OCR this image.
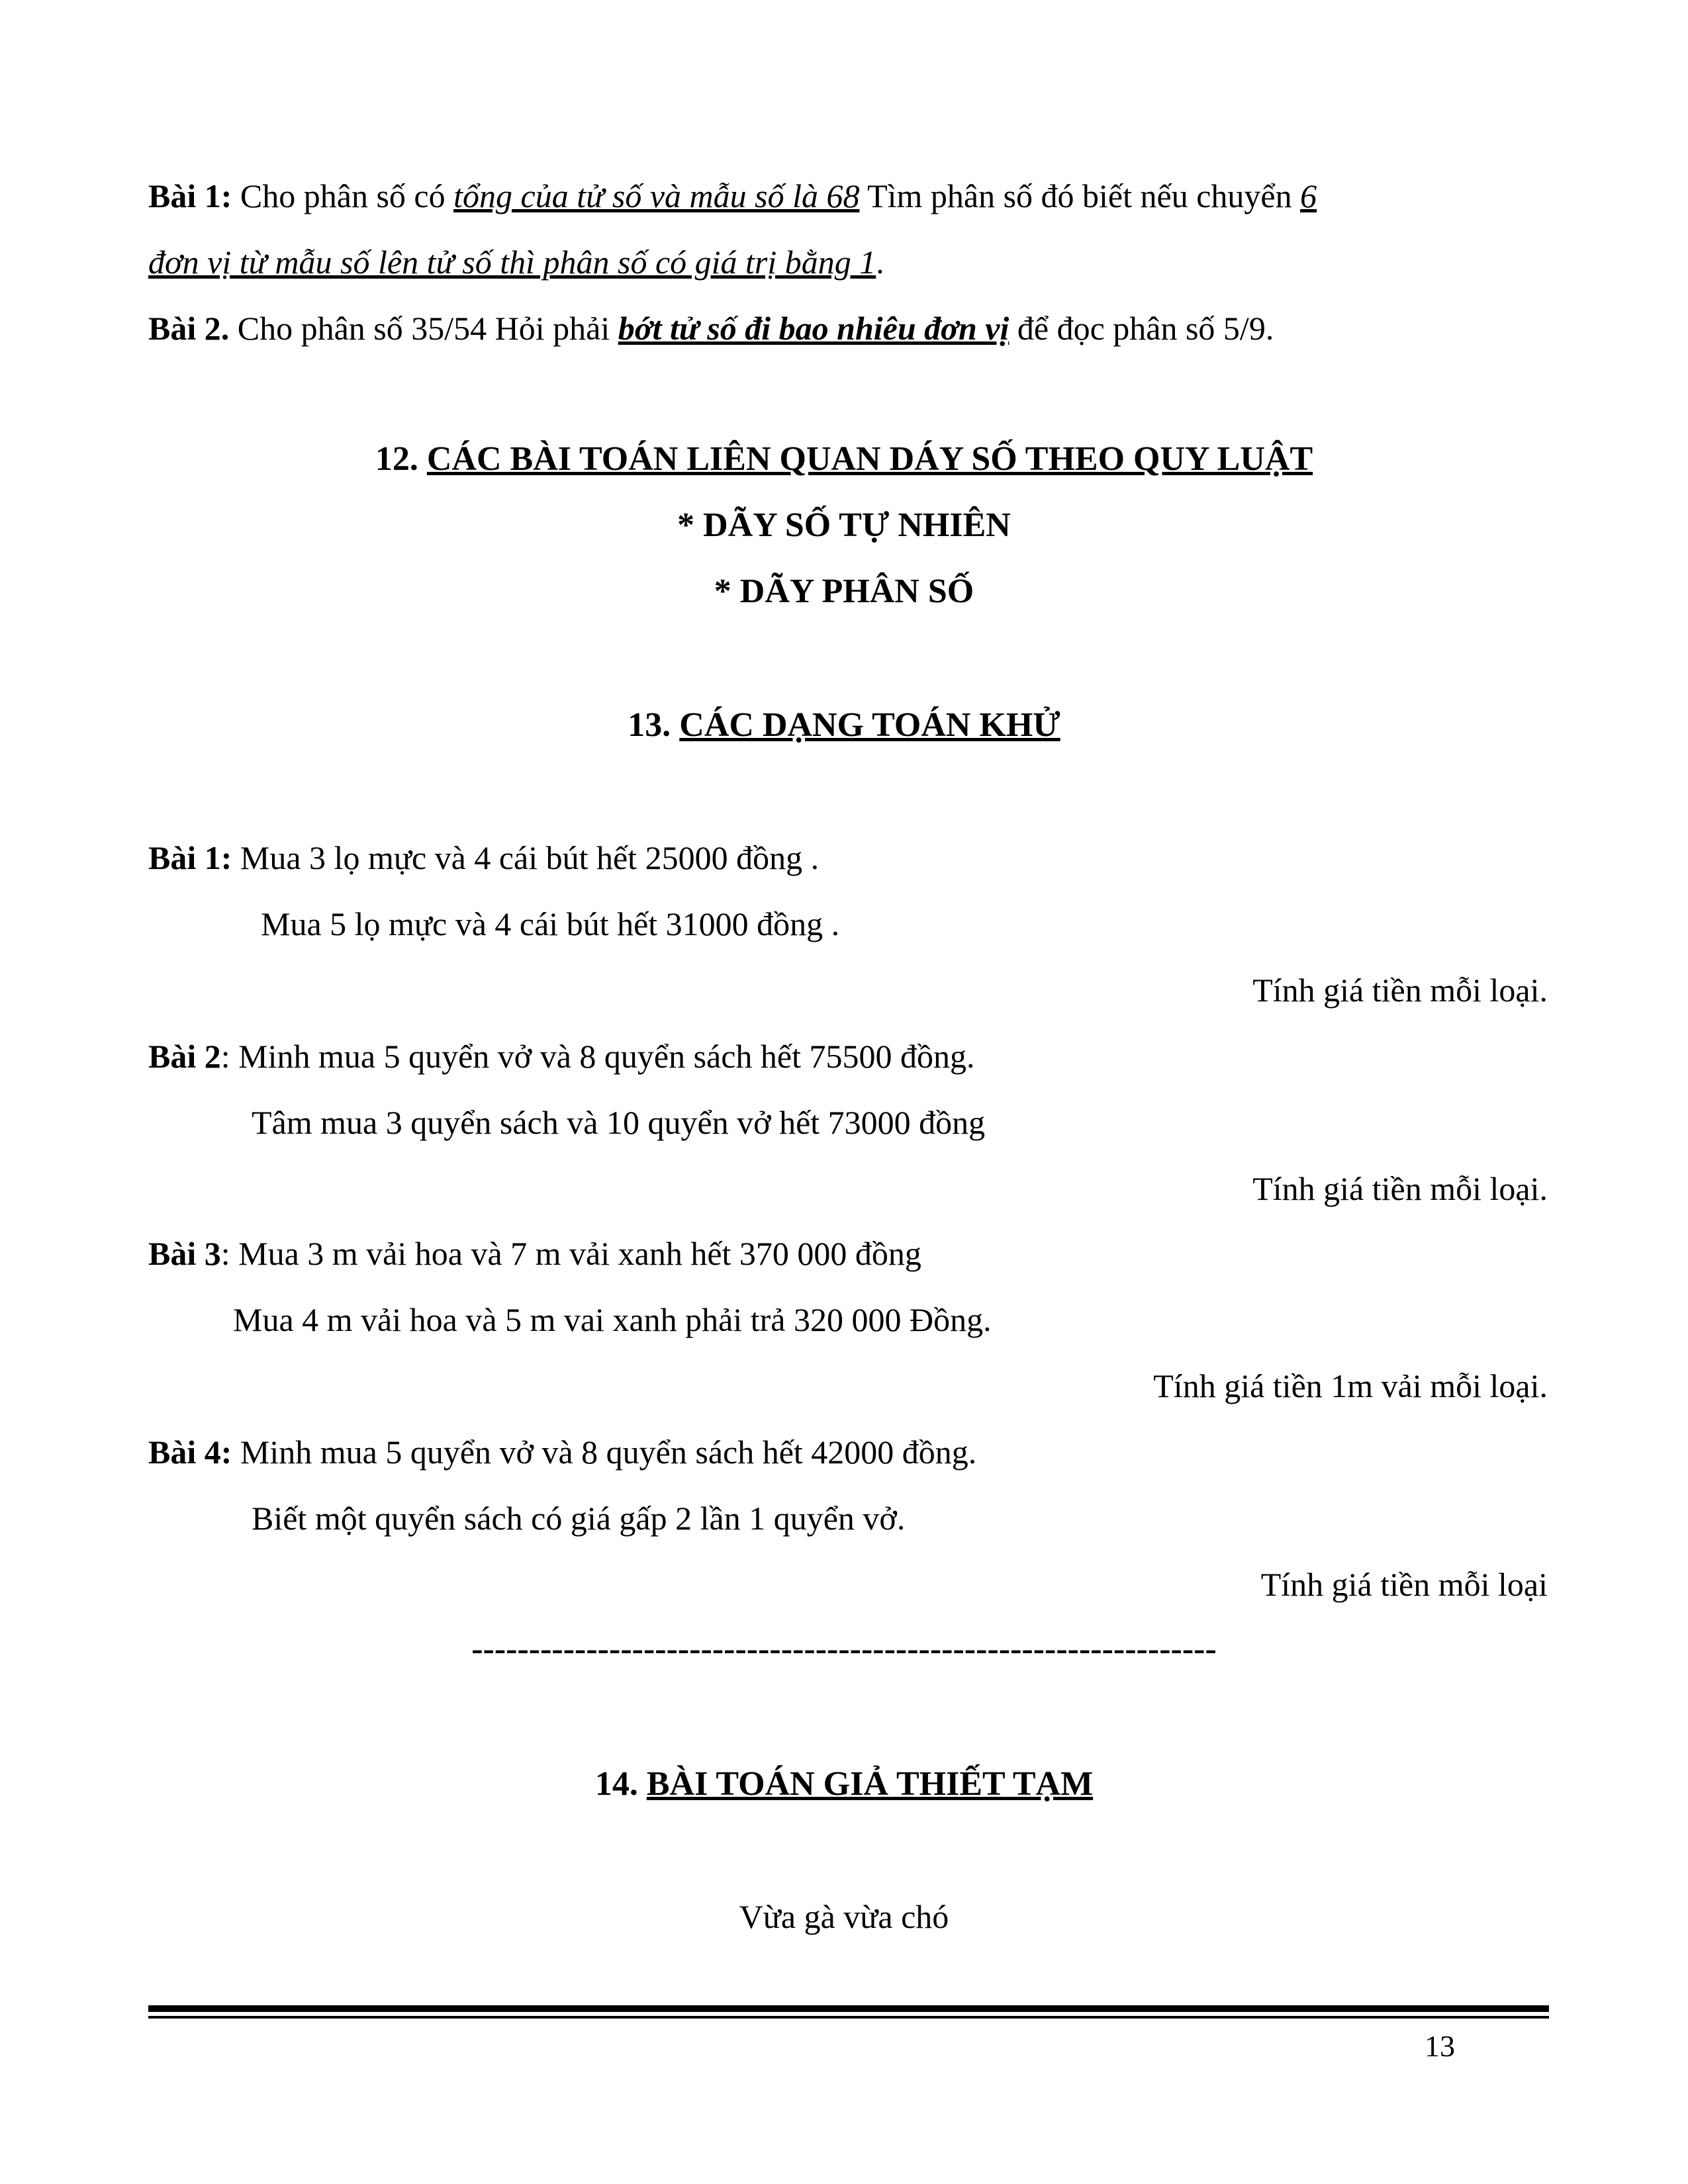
Bài 1: Cho phân số có tổng của tử số và mẫu số là 68 Tìm phân số đó biết nếu chuyển 6
đơn vị từ mẫu số lên tử số thì phân số có giá trị bằng 1.
Bài 2. Cho phân số 35/54 Hỏi phải bớt tử số đi bao nhiêu đơn vị để đọc phân số 5/9.
12. CÁC BÀI TOÁN LIÊN QUAN DÁY SỐ THEO QUY LUẬT
* DÃY SỐ TỰ NHIÊN
* DÃY PHÂN SỐ
13. CÁC DẠNG TOÁN KHỬ
Bài 1: Mua 3 lọ mực và 4 cái bút hết 25000 đồng .
Mua 5 lọ mực và 4 cái bút hết 31000 đồng .
Tính giá tiền mỗi loại.
Bài 2: Minh mua 5 quyển vở và 8 quyển sách hết 75500 đồng.
Tâm mua 3 quyển sách và 10 quyển vở hết 73000 đồng
Tính giá tiền mỗi loại.
Bài 3: Mua 3 m vải hoa và 7 m vải xanh hết 370 000 đồng
Mua 4 m vải hoa và 5 m vai xanh phải trả 320 000 Đồng.
Tính giá tiền 1m vải mỗi loại.
Bài 4: Minh mua 5 quyển vở và 8 quyển sách hết 42000 đồng.
Biết một quyển sách có giá gấp 2 lần 1 quyển vở.
Tính giá tiền mỗi loại
-----------------------------------------------------------------
14. BÀI TOÁN GIẢ THIẾT TẠM
Vừa gà vừa chó
13
